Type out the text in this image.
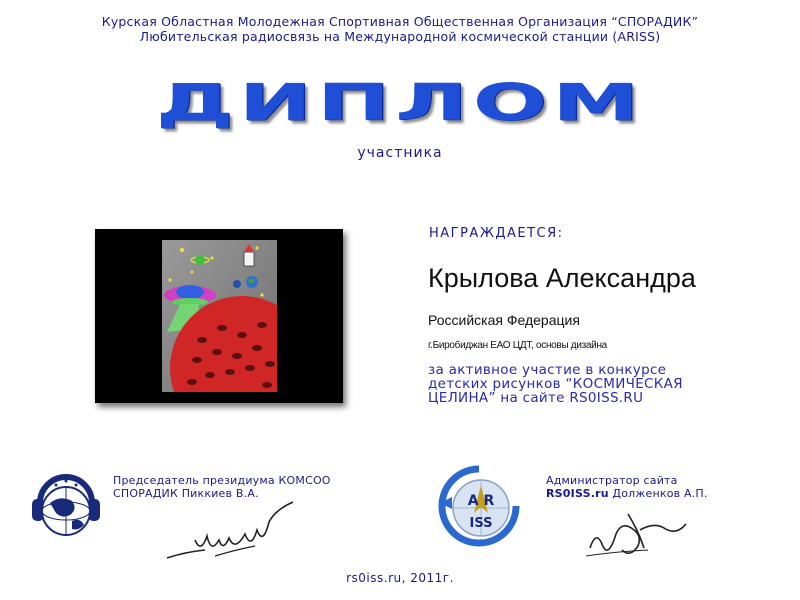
Курская Областная Молодежная Спортивная Общественная Организация “СПОРАДИК”
Любительская радиосвязь на Международной космической станции (ARISS)
ДИПЛОМ
участника
НАГРАЖДАЕТСЯ:
Крылова Александра
Российская Федерация
г.Биробиджан ЕАО ЦДТ, основы дизайна
за активное участие в конкурсе
детских рисунков “КОСМИЧЕСКАЯ
ЦЕЛИНА” на сайте RS0ISS.RU
Председатель президиума КОМСОО
СПОРАДИК Пиккиев В.А.	A R
ISS
Администратор сайта
RS0ISS.ru Долженков А.П.
rs0iss.ru, 2011г.
